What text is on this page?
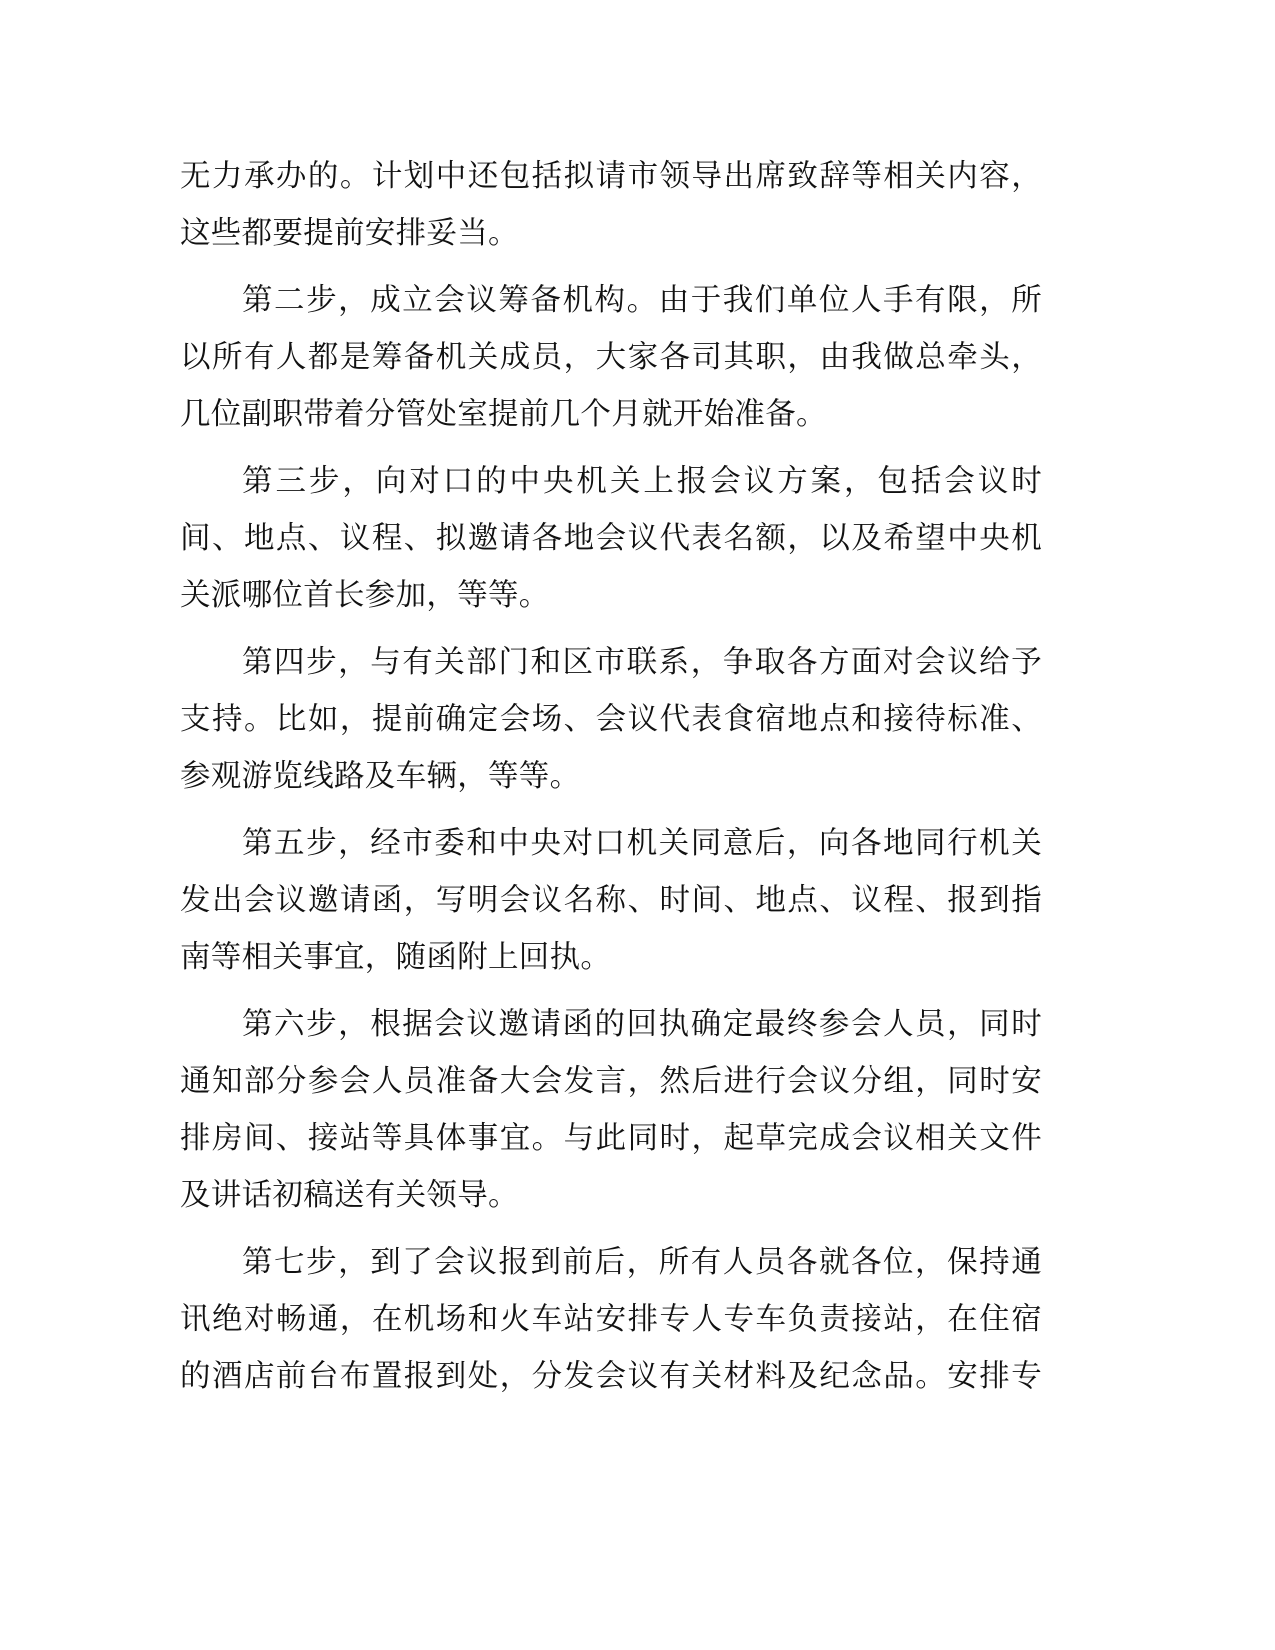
无力承办的。计划中还包括拟请市领导出席致辞等相关内容，
这些都要提前安排妥当。

第二步，成立会议筹备机构。由于我们单位人手有限，所
以所有人都是筹备机关成员，大家各司其职，由我做总牵头，
几位副职带着分管处室提前几个月就开始准备。

第三步，向对口的中央机关上报会议方案，包括会议时
间、地点、议程、拟邀请各地会议代表名额，以及希望中央机
关派哪位首长参加，等等。

第四步，与有关部门和区市联系，争取各方面对会议给予
支持。比如，提前确定会场、会议代表食宿地点和接待标准、
参观游览线路及车辆，等等。

第五步，经市委和中央对口机关同意后，向各地同行机关
发出会议邀请函，写明会议名称、时间、地点、议程、报到指
南等相关事宜，随函附上回执。

第六步，根据会议邀请函的回执确定最终参会人员，同时
通知部分参会人员准备大会发言，然后进行会议分组，同时安
排房间、接站等具体事宜。与此同时，起草完成会议相关文件
及讲话初稿送有关领导。

第七步，到了会议报到前后，所有人员各就各位，保持通
讯绝对畅通，在机场和火车站安排专人专车负责接站，在住宿
的酒店前台布置报到处，分发会议有关材料及纪念品。安排专
